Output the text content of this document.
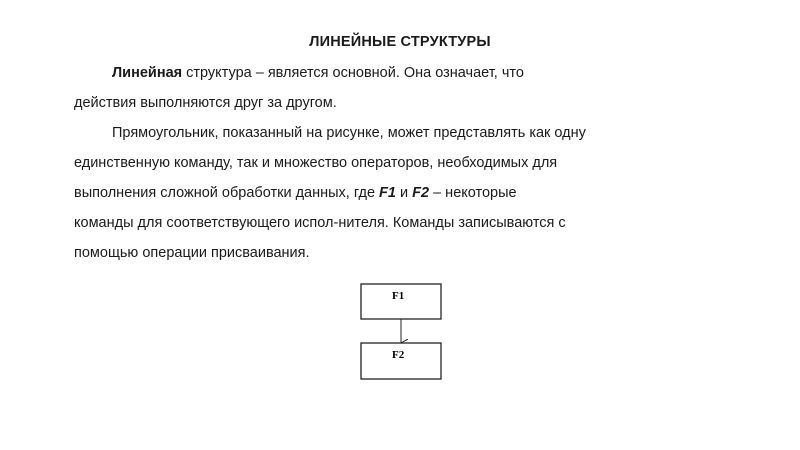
ЛИНЕЙНЫЕ СТРУКТУРЫ

Линейная структура – является основной. Она означает, что

действия выполняются друг за другом.

Прямоугольник, показанный на рисунке, может представлять как одну

единственную команду, так и множество операторов, необходимых для

выполнения сложной обработки данных, где F1 и F2 – некоторые

команды для соответствующего испол-нителя. Команды записываются с

помощью операции присваивания.

F1
F2
